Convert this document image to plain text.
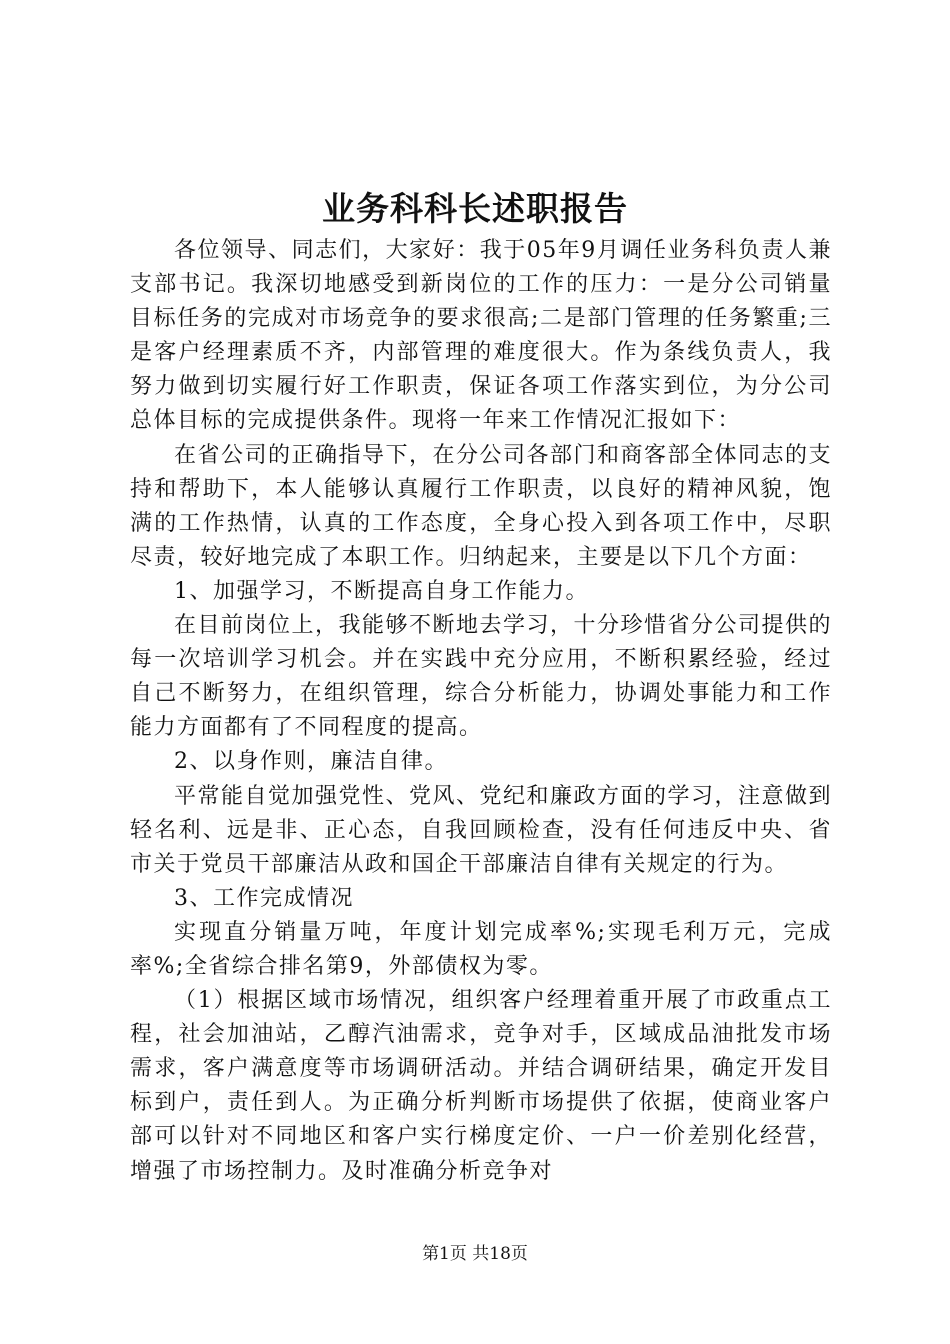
业务科科长述职报告

各位领导、同志们，大家好：我于05年9月调任业务科负责人兼支部书记。我深切地感受到新岗位的工作的压力：一是分公司销量目标任务的完成对市场竞争的要求很高;二是部门管理的任务繁重;三是客户经理素质不齐，内部管理的难度很大。作为条线负责人，我努力做到切实履行好工作职责，保证各项工作落实到位，为分公司总体目标的完成提供条件。现将一年来工作情况汇报如下：

在省公司的正确指导下，在分公司各部门和商客部全体同志的支持和帮助下，本人能够认真履行工作职责，以良好的精神风貌，饱满的工作热情，认真的工作态度，全身心投入到各项工作中，尽职尽责，较好地完成了本职工作。归纳起来，主要是以下几个方面：

1、加强学习，不断提高自身工作能力。

在目前岗位上，我能够不断地去学习，十分珍惜省分公司提供的每一次培训学习机会。并在实践中充分应用，不断积累经验，经过自己不断努力，在组织管理，综合分析能力，协调处事能力和工作能力方面都有了不同程度的提高。

2、以身作则，廉洁自律。

平常能自觉加强党性、党风、党纪和廉政方面的学习，注意做到轻名利、远是非、正心态，自我回顾检查，没有任何违反中央、省市关于党员干部廉洁从政和国企干部廉洁自律有关规定的行为。

3、工作完成情况

实现直分销量万吨，年度计划完成率%;实现毛利万元，完成率%;全省综合排名第9，外部债权为零。

（1）根据区域市场情况，组织客户经理着重开展了市政重点工程，社会加油站，乙醇汽油需求，竞争对手，区域成品油批发市场需求，客户满意度等市场调研活动。并结合调研结果，确定开发目标到户，责任到人。为正确分析判断市场提供了依据，使商业客户部可以针对不同地区和客户实行梯度定价、一户一价差别化经营，增强了市场控制力。及时准确分析竞争对

第1页 共18页
